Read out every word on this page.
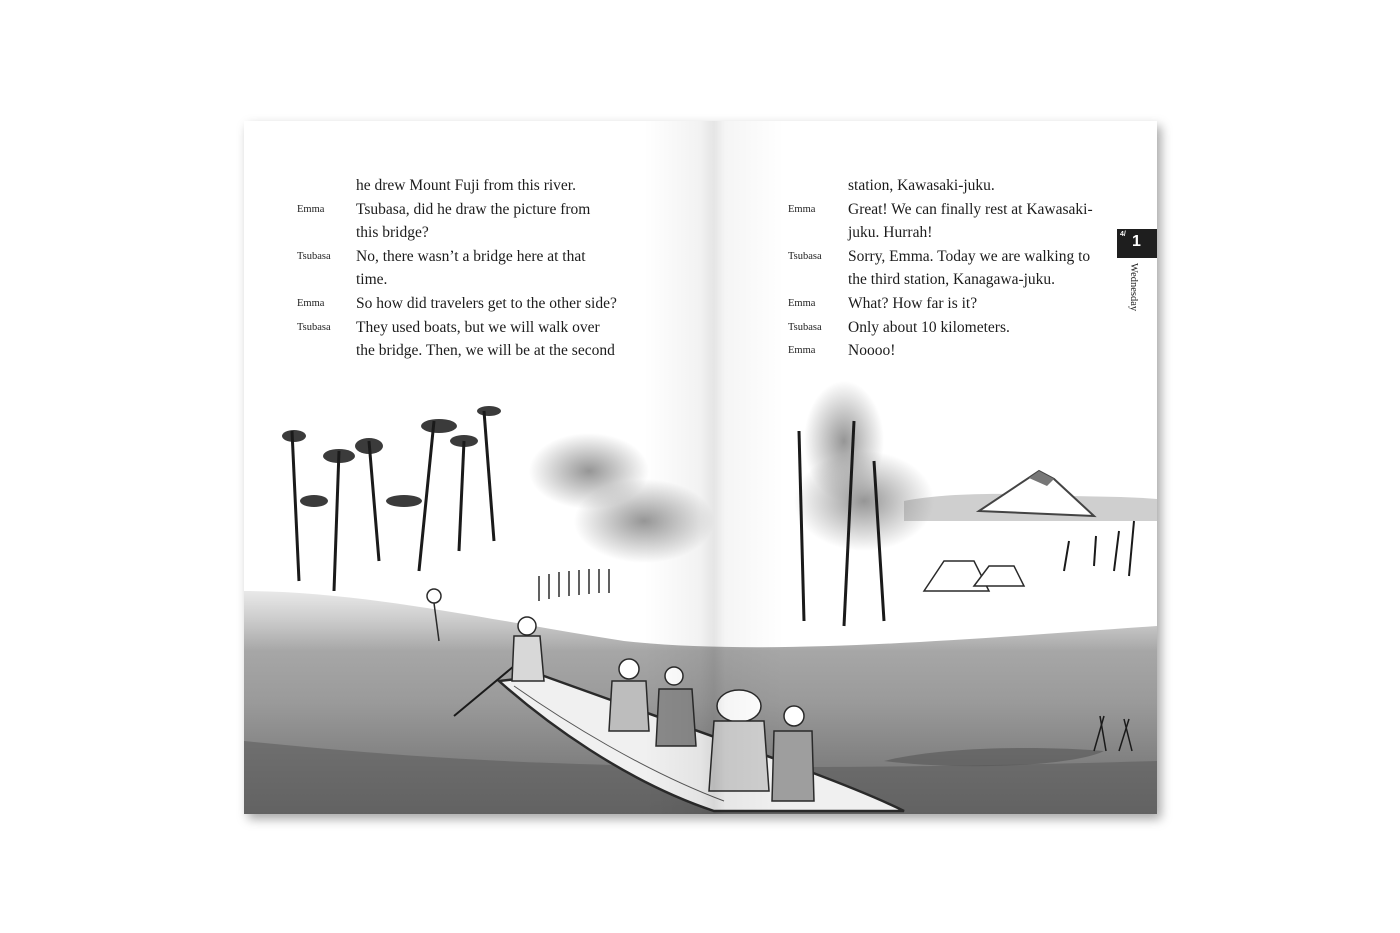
he drew Mount Fuji from this river.
Emma Tsubasa, did he draw the picture from
this bridge?
Tsubasa No, there wasn’t a bridge here at that
time.
Emma So how did travelers get to the other side?
Tsubasa They used boats, but we will walk over
the bridge. Then, we will be at the second
station, Kawasaki-juku.
Emma Great! We can finally rest at Kawasaki-
juku. Hurrah!
Tsubasa Sorry, Emma. Today we are walking to
the third station, Kanagawa-juku.
Emma What? How far is it?
Tsubasa Only about 10 kilometers.
Emma Noooo!
4/ 1
Wednesday
